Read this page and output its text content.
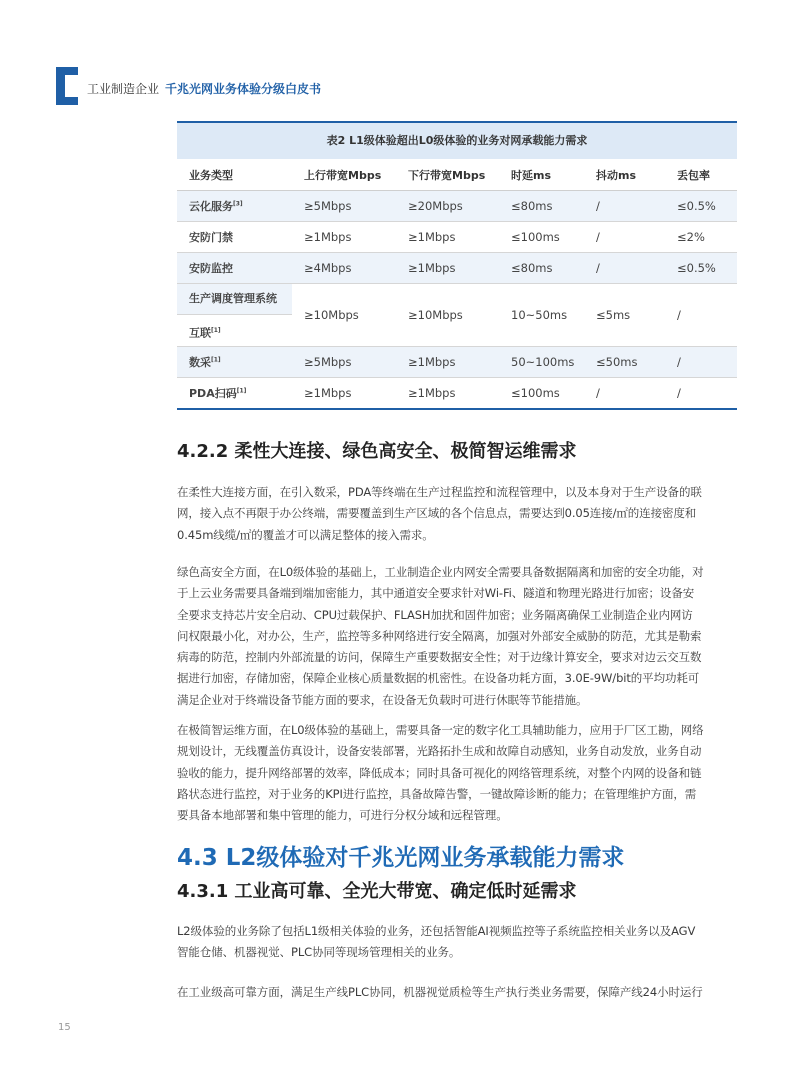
工业制造企业 千兆光网业务体验分级白皮书
表2 L1级体验超出L0级体验的业务对网承载能力需求
业务类型	上行带宽Mbps	下行带宽Mbps	时延ms	抖动ms	丢包率
云化服务[3]	≥5Mbps	≥20Mbps	≤80ms	/	≤0.5%
安防门禁	≥1Mbps	≥1Mbps	≤100ms	/	≤2%
安防监控	≥4Mbps	≥1Mbps	≤80ms	/	≤0.5%

生产调度管理系统
互联[1]	≥10Mbps	≥10Mbps	10~50ms	≤5ms	/
数采[1]	≥5Mbps	≥1Mbps	50~100ms	≤50ms	/
PDA扫码[1]	≥1Mbps	≥1Mbps	≤100ms	/	/
4.2.2 柔性大连接、绿色高安全、极简智运维需求

在柔性大连接方面，在引入数采，PDA等终端在生产过程监控和流程管理中，以及本身对于生产设备的联

网，接入点不再限于办公终端，需要覆盖到生产区域的各个信息点，需要达到0.05连接/㎡的连接密度和

0.45m线缆/㎡的覆盖才可以满足整体的接入需求。

绿色高安全方面，在L0级体验的基础上，工业制造企业内网安全需要具备数据隔离和加密的安全功能，对

于上云业务需要具备端到端加密能力，其中通道安全要求针对Wi-Fi、隧道和物理光路进行加密；设备安

全要求支持芯片安全启动、CPU过载保护、FLASH加扰和固件加密；业务隔离确保工业制造企业内网访

问权限最小化，对办公，生产，监控等多种网络进行安全隔离，加强对外部安全威胁的防范，尤其是勒索

病毒的防范，控制内外部流量的访问，保障生产重要数据安全性；对于边缘计算安全，要求对边云交互数

据进行加密，存储加密，保障企业核心质量数据的机密性。在设备功耗方面，3.0E-9W/bit的平均功耗可

满足企业对于终端设备节能方面的要求，在设备无负载时可进行休眠等节能措施。

在极简智运维方面，在L0级体验的基础上，需要具备一定的数字化工具辅助能力，应用于厂区工勘，网络

规划设计，无线覆盖仿真设计，设备安装部署，光路拓扑生成和故障自动感知，业务自动发放，业务自动

验收的能力，提升网络部署的效率，降低成本；同时具备可视化的网络管理系统，对整个内网的设备和链

路状态进行监控，对于业务的KPI进行监控，具备故障告警，一键故障诊断的能力；在管理维护方面，需

要具备本地部署和集中管理的能力，可进行分权分域和远程管理。

4.3 L2级体验对千兆光网业务承载能力需求
4.3.1 工业高可靠、全光大带宽、确定低时延需求

L2级体验的业务除了包括L1级相关体验的业务，还包括智能AI视频监控等子系统监控相关业务以及AGV

智能仓储、机器视觉、PLC协同等现场管理相关的业务。

在工业级高可靠方面，满足生产线PLC协同，机器视觉质检等生产执行类业务需要，保障产线24小时运行

15
